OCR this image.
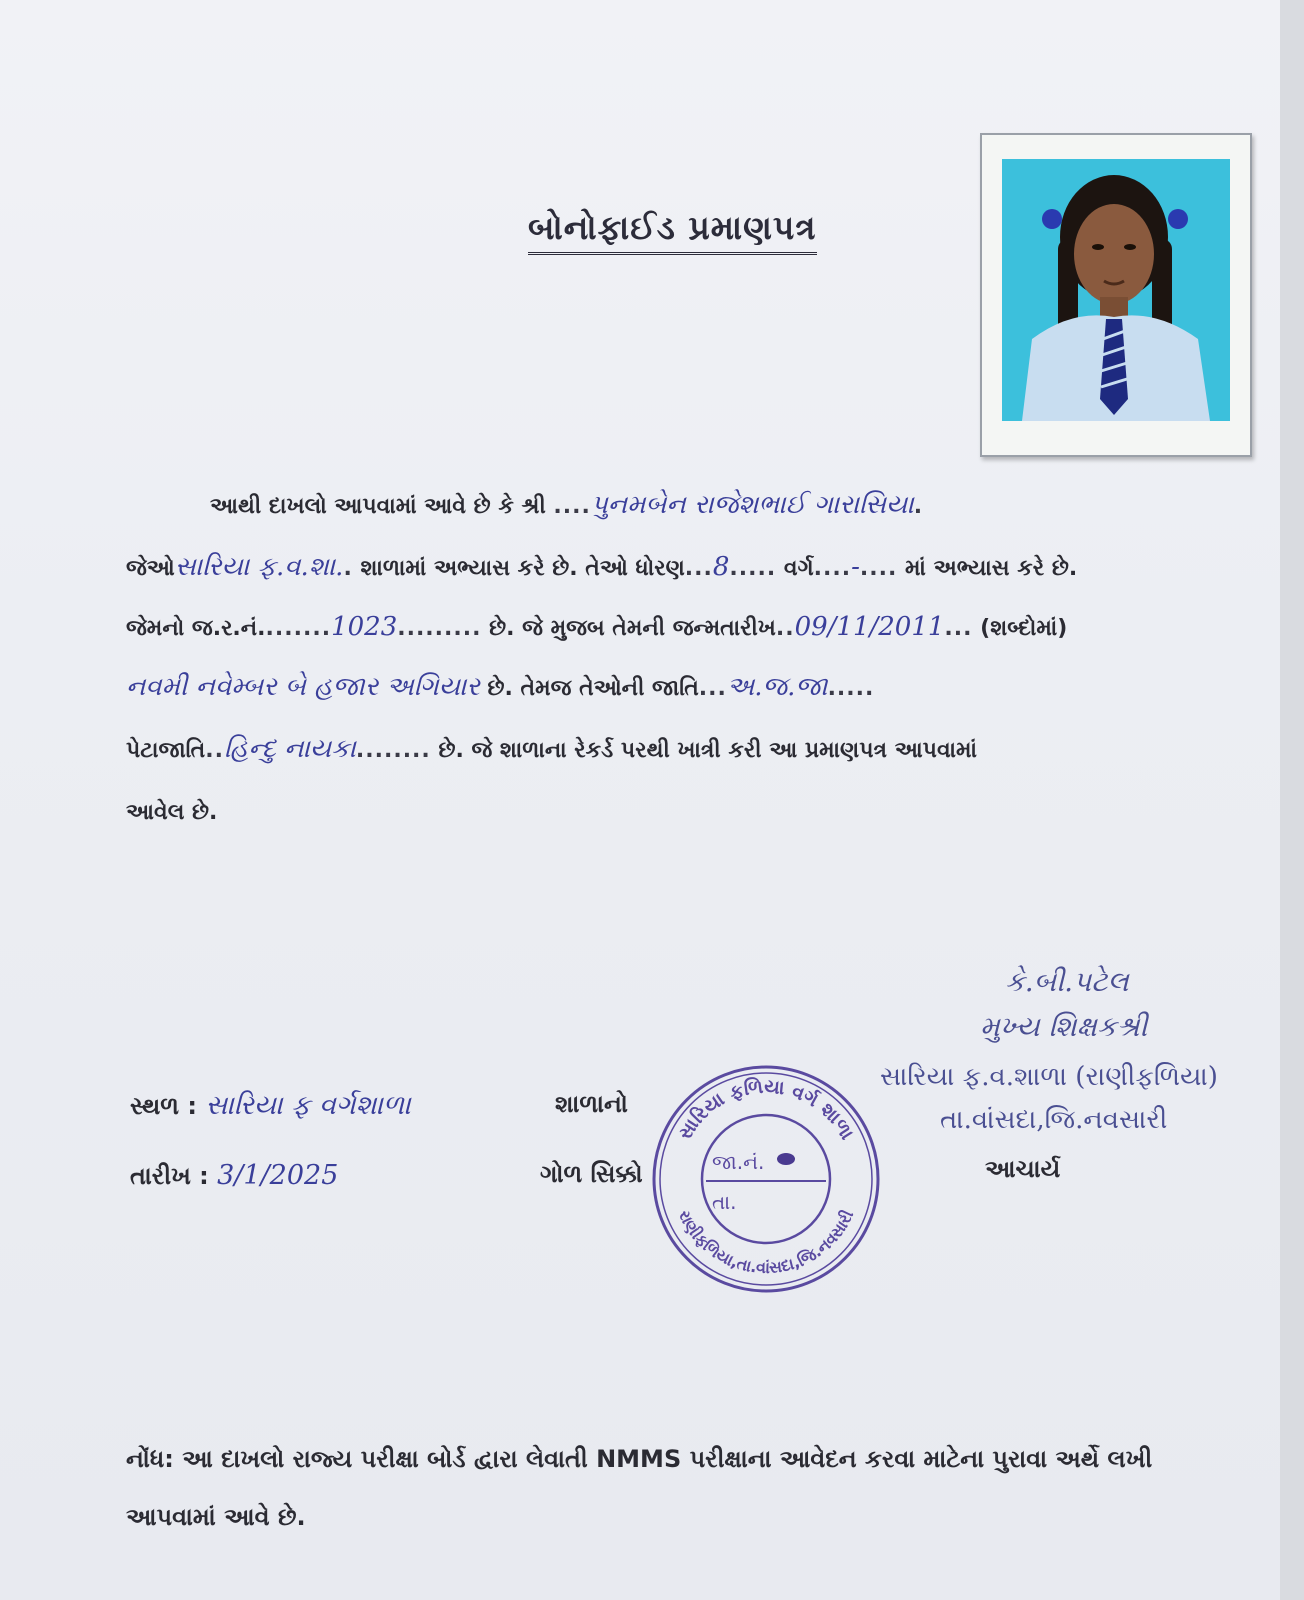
બોનોફાઈડ પ્રમાણપત્ર
આથી દાખલો આપવામાં આવે છે કે શ્રી ....પુનમબેન રાજેશભાઈ ગારાસિયા.
જેઓસારિયા ફ.વ.શા.. શાળામાં અભ્યાસ કરે છે. તેઓ ધોરણ...8..... વર્ગ....-.... માં અભ્યાસ કરે છે.
જેમનો જ.ર.નં........1023......... છે. જે મુજબ તેમની જન્મતારીખ..09/11/2011... (શબ્દોમાં)
નવમી નવેમ્બર બે હજાર અગિયાર છે. તેમજ તેઓની જાતિ...અ.જ.જા.....
પેટાજાતિ..હિન્દુ નાયકા........ છે. જે શાળાના રેકર્ડ પરથી ખાત્રી કરી આ પ્રમાણપત્ર આપવામાં
આવેલ છે.
કે.બી.પટેલ
મુખ્ય શિક્ષકશ્રી
સારિયા ફ.વ.શાળા (રાણીફળિયા)
તા.વાંસદા,જિ.નવસારી
આચાર્ય
સ્થળ : સારિયા ફ વર્ગશાળા
તારીખ : 3/1/2025
શાળાનો
ગોળ સિક્કો
સારિયા ફળિયા વર્ગ શાળા
રાણીફળિયા,તા.વાંસદા,જિ.નવસારી
જા.નં.
તા.
નોંધ: આ દાખલો રાજ્ય પરીક્ષા બોર્ડ દ્વારા લેવાતી NMMS પરીક્ષાના આવેદન કરવા માટેના પુરાવા અર્થે લખી આપવામાં આવે છે.
